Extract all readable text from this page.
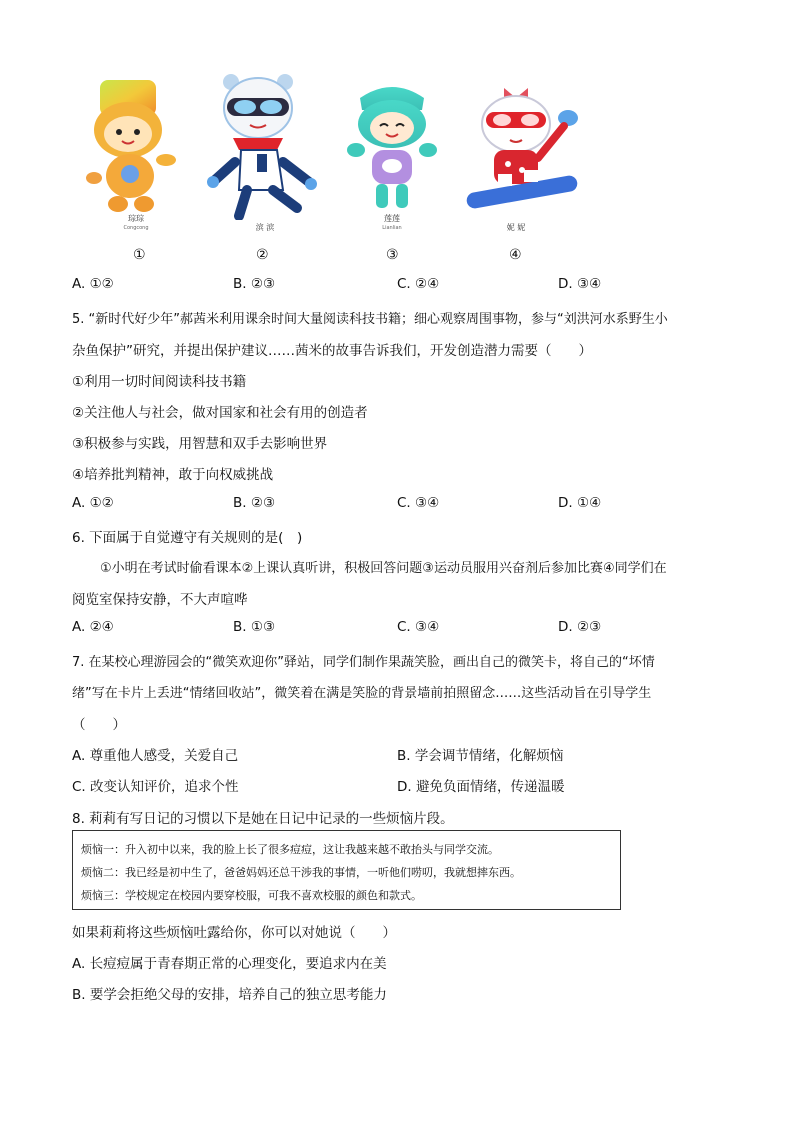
琮琮
Congcong
①
滨 滨
②
莲莲
Lianlian
③
妮 妮
④
A. ①②	B. ②③	C. ②④	D. ③④
5. “新时代好少年”郝茜米利用课余时间大量阅读科技书籍；细心观察周围事物，参与“刘洪河水系野生小
杂鱼保护”研究，并提出保护建议……茜米的故事告诉我们，开发创造潜力需要（　　）
①利用一切时间阅读科技书籍
②关注他人与社会，做对国家和社会有用的创造者
③积极参与实践，用智慧和双手去影响世界
④培养批判精神，敢于向权威挑战
A. ①②	B. ②③	C. ③④	D. ①④
6. 下面属于自觉遵守有关规则的是(　)
①小明在考试时偷看课本②上课认真听讲，积极回答问题③运动员服用兴奋剂后参加比赛④同学们在
阅览室保持安静，不大声喧哗
A. ②④	B. ①③	C. ③④	D. ②③
7. 在某校心理游园会的“微笑欢迎你”驿站，同学们制作果蔬笑脸，画出自己的微笑卡，将自己的“坏情
绪”写在卡片上丢进“情绪回收站”，微笑着在满是笑脸的背景墙前拍照留念……这些活动旨在引导学生
（　　）
A. 尊重他人感受，关爱自己	B. 学会调节情绪，化解烦恼
C. 改变认知评价，追求个性	D. 避免负面情绪，传递温暖
8. 莉莉有写日记的习惯以下是她在日记中记录的一些烦恼片段。
烦恼一：升入初中以来，我的脸上长了很多痘痘，这让我越来越不敢抬头与同学交流。
烦恼二：我已经是初中生了，爸爸妈妈还总干涉我的事情，一听他们唠叨，我就想摔东西。
烦恼三：学校规定在校园内要穿校服，可我不喜欢校服的颜色和款式。
如果莉莉将这些烦恼吐露给你，你可以对她说（　　）
A. 长痘痘属于青春期正常的心理变化，要追求内在美
B. 要学会拒绝父母的安排，培养自己的独立思考能力
